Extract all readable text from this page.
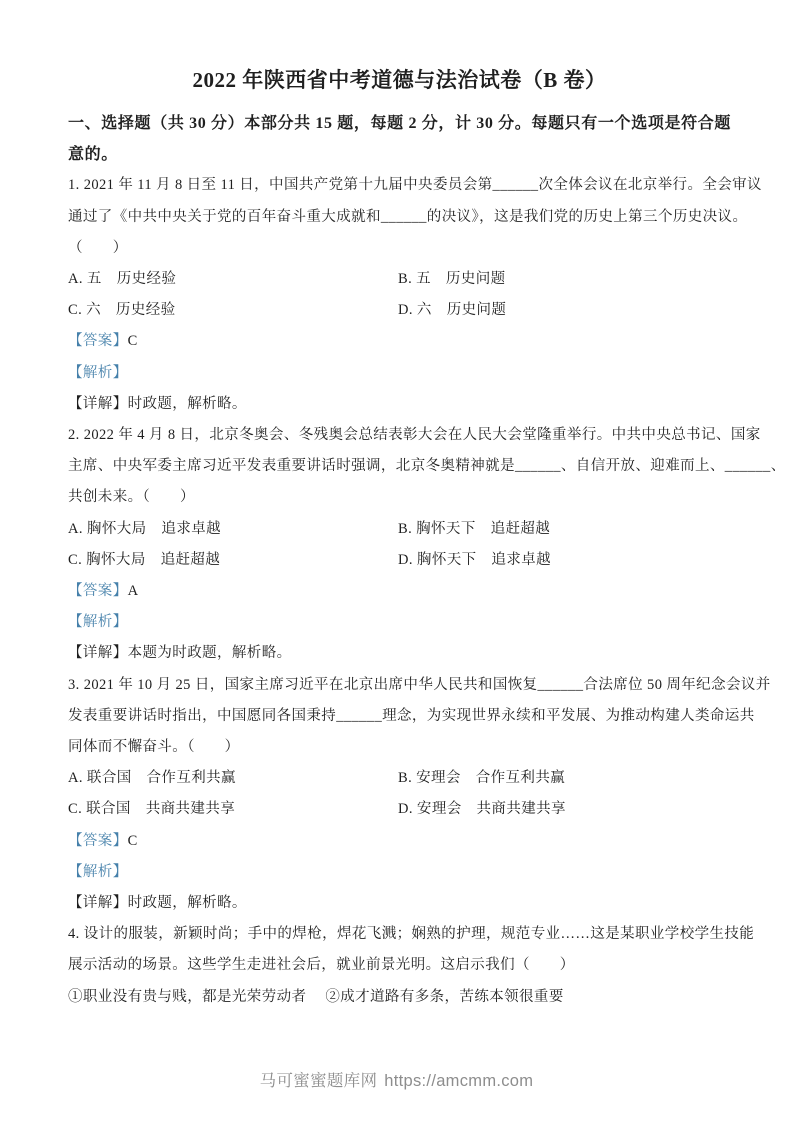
2022 年陕西省中考道德与法治试卷（B 卷）

一、选择题（共 30 分）本部分共 15 题，每题 2 分，计 30 分。每题只有一个选项是符合题意的。

1. 2021 年 11 月 8 日至 11 日，中国共产党第十九届中央委员会第______次全体会议在北京举行。全会审议

通过了《中共中央关于党的百年奋斗重大成就和______的决议》，这是我们党的历史上第三个历史决议。

（　　）

A. 五　历史经验	B. 五　历史问题
C. 六　历史经验	D. 六　历史问题

【答案】C

【解析】

【详解】时政题，解析略。

2. 2022 年 4 月 8 日，北京冬奥会、冬残奥会总结表彰大会在人民大会堂隆重举行。中共中央总书记、国家

主席、中央军委主席习近平发表重要讲话时强调，北京冬奥精神就是______、自信开放、迎难而上、______、

共创未来。（　　）

A. 胸怀大局　追求卓越	B. 胸怀天下　追赶超越
C. 胸怀大局　追赶超越	D. 胸怀天下　追求卓越

【答案】A

【解析】

【详解】本题为时政题，解析略。

3. 2021 年 10 月 25 日，国家主席习近平在北京出席中华人民共和国恢复______合法席位 50 周年纪念会议并

发表重要讲话时指出，中国愿同各国秉持______理念，为实现世界永续和平发展、为推动构建人类命运共

同体而不懈奋斗。（　　）

A. 联合国　合作互利共赢	B. 安理会　合作互利共赢
C. 联合国　共商共建共享	D. 安理会　共商共建共享

【答案】C

【解析】

【详解】时政题，解析略。

4. 设计的服装，新颖时尚；手中的焊枪，焊花飞溅；娴熟的护理，规范专业……这是某职业学校学生技能

展示活动的场景。这些学生走进社会后，就业前景光明。这启示我们（　　）

①职业没有贵与贱，都是光荣劳动者　 ②成才道路有多条，苦练本领很重要

马可蜜蜜题库网 https://amcmm.com
